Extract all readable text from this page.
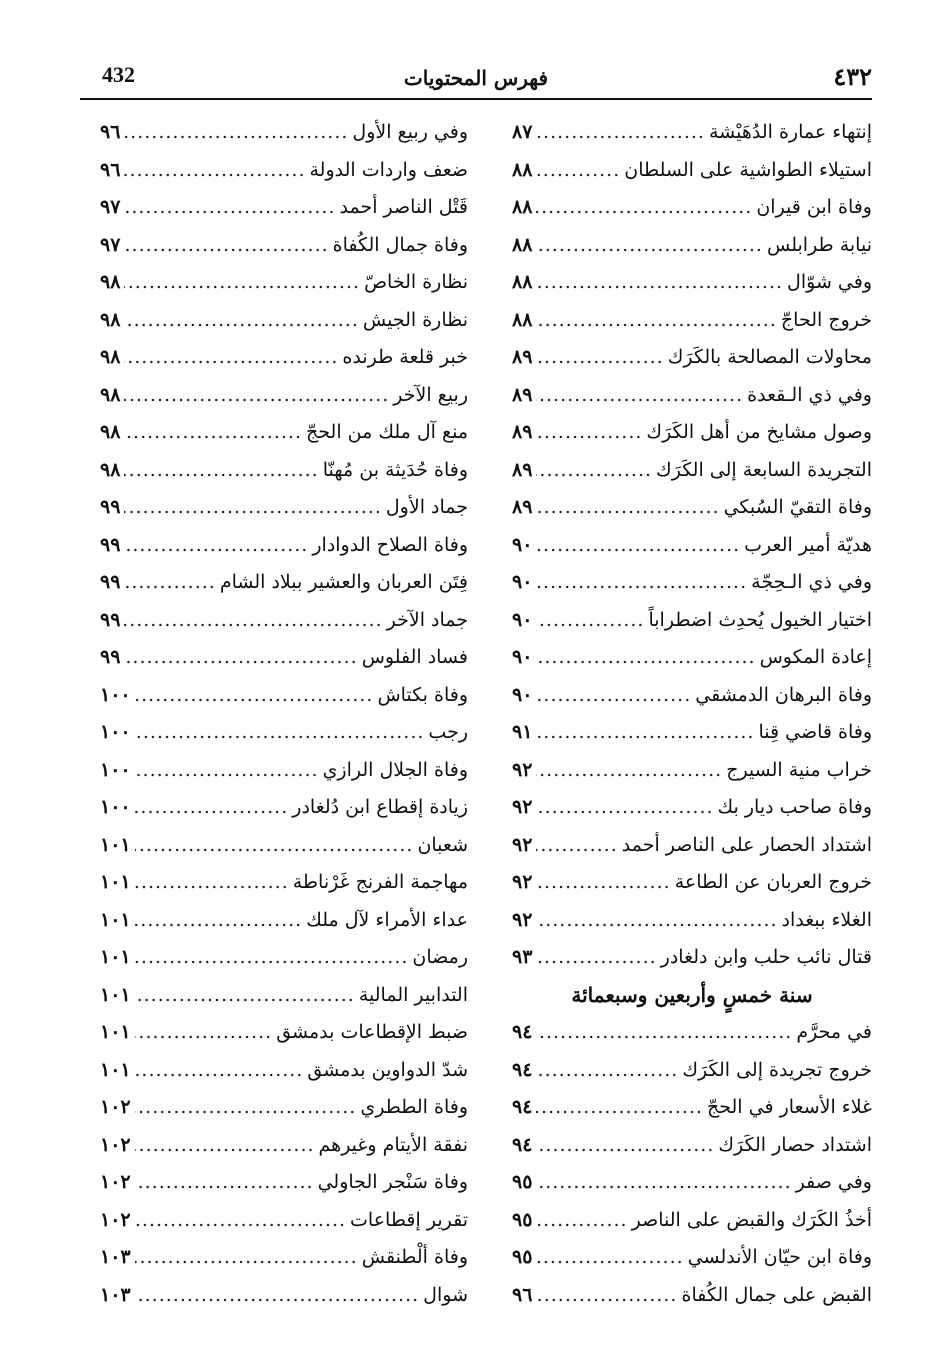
٤٣٢
فهرس المحتويات
432
إنتهاء عمارة الدُهَيْشة
.....
٨٧
استيلاء الطواشية على السلطان
.....
٨٨
وفاة ابن قيران
.....
٨٨
نيابة طرابلس
.....
٨٨
وفي شوّال
.....
٨٨
خروج الحاجّ
.....
٨٨
محاولات المصالحة بالكَرَك
.....
٨٩
وفي ذي الـقعدة
.....
٨٩
وصول مشايخ من أهل الكَرَك
.....
٨٩
التجريدة السابعة إلى الكَرَك
.....
٨٩
وفاة التقيّ السُبكي
.....
٨٩
هديّة أمير العرب
.....
٩٠
وفي ذي الـحِجّة
.....
٩٠
اختيار الخيول يُحدِث اضطراباً
.....
٩٠
إعادة المكوس
.....
٩٠
وفاة البرهان الدمشقي
.....
٩٠
وفاة قاضي قِنا
.....
٩١
خراب منية السيرج
.....
٩٢
وفاة صاحب ديار بك
.....
٩٢
اشتداد الحصار على الناصر أحمد
.....
٩٢
خروج العربان عن الطاعة
.....
٩٢
الغلاء ببغداد
.....
٩٢
قتال نائب حلب وابن دلغادر
.....
٩٣
سنة خمسٍ وأربعين وسبعمائة
في محرَّم
.....
٩٤
خروج تجريدة إلى الكَرَك
.....
٩٤
غلاء الأسعار في الحجّ
.....
٩٤
اشتداد حصار الكَرَك
.....
٩٤
وفي صفر
.....
٩٥
أخذُ الكَرَك والقبض على الناصر
.....
٩٥
وفاة ابن حيّان الأندلسي
.....
٩٥
القبض على جمال الكُفاة
.....
٩٦
وفي ربيع الأول
.....
٩٦
ضعف واردات الدولة
.....
٩٦
قَتْل الناصر أحمد
.....
٩٧
وفاة جمال الكُفاة
.....
٩٧
نظارة الخاصّ
.....
٩٨
نظارة الجيش
.....
٩٨
خبر قلعة طرنده
.....
٩٨
ربيع الآخر
.....
٩٨
منع آل ملك من الحجّ
.....
٩٨
وفاة حُدَيثة بن مُهنّا
.....
٩٨
جماد الأول
.....
٩٩
وفاة الصلاح الدوادار
.....
٩٩
فِتَن العربان والعشير ببلاد الشام
.....
٩٩
جماد الآخر
.....
٩٩
فساد الفلوس
.....
٩٩
وفاة بكتاش
.....
١٠٠
رجب
.....
١٠٠
وفاة الجلال الرازي
.....
١٠٠
زيادة إقطاع ابن دُلغادر
.....
١٠٠
شعبان
.....
١٠١
مهاجمة الفرنج غَرْناطة
.....
١٠١
عداء الأمراء لآل ملك
.....
١٠١
رمضان
.....
١٠١
التدابير المالية
.....
١٠١
ضبط الإقطاعات بدمشق
.....
١٠١
شدّ الدواوين بدمشق
.....
١٠١
وفاة الططري
.....
١٠٢
نفقة الأيتام وغيرهم
.....
١٠٢
وفاة سَنْجر الجاولي
.....
١٠٢
تقرير إقطاعات
.....
١٠٢
وفاة ألْطنقش
.....
١٠٣
شوال
.....
١٠٣
